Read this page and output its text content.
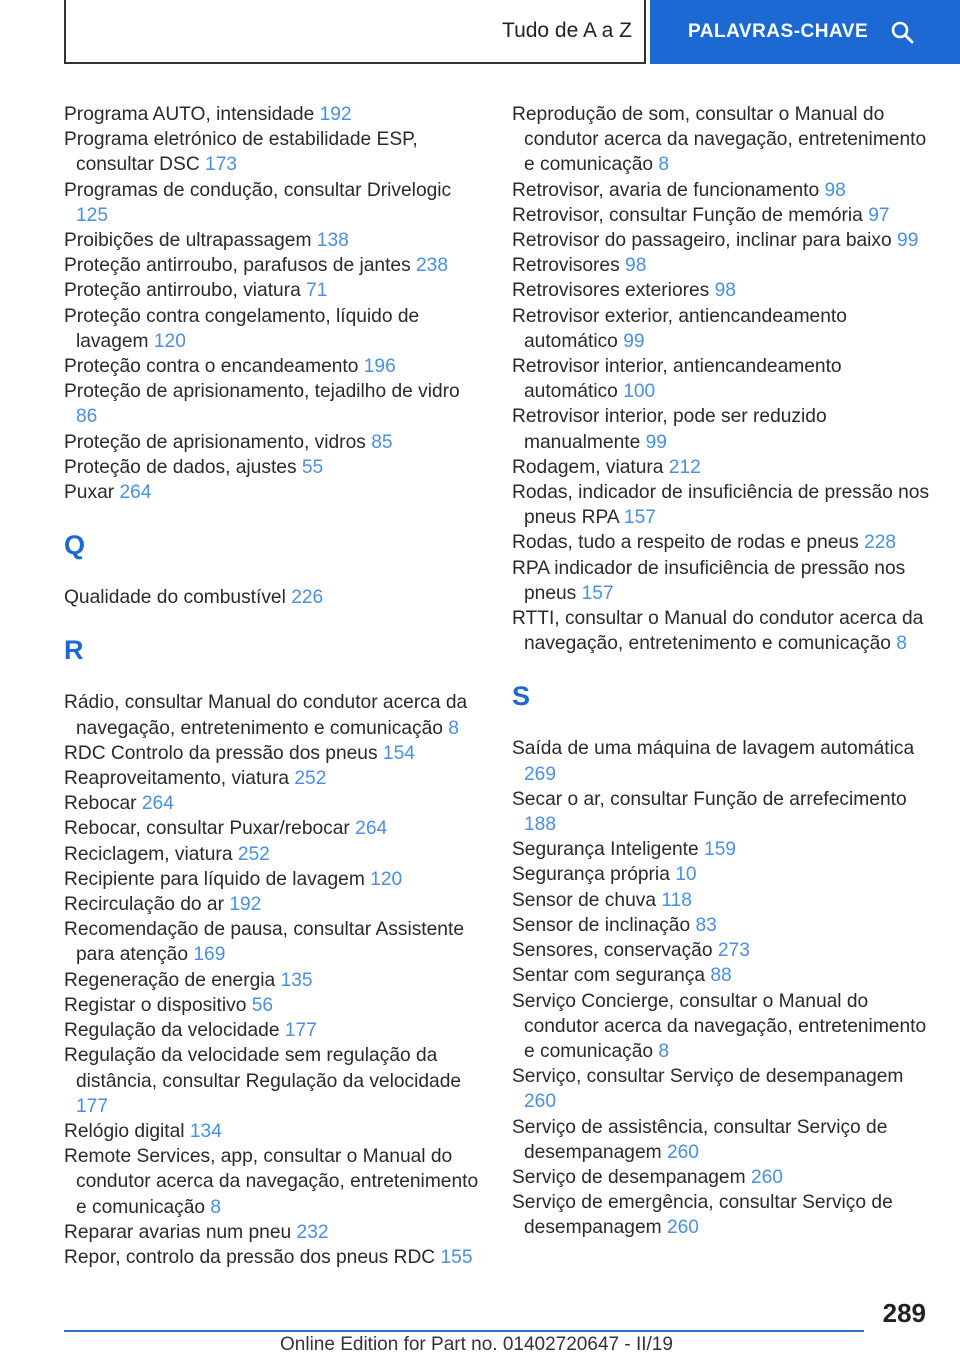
Tudo de A a Z	PALAVRAS-CHAVE
Programa AUTO, intensidade 192
Programa eletrónico de estabilidade ESP, consultar DSC 173
Programas de condução, consultar Drivelogic 125
Proibições de ultrapassagem 138
Proteção antirroubo, parafusos de jantes 238
Proteção antirroubo, viatura 71
Proteção contra congelamento, líquido de lavagem 120
Proteção contra o encandeamento 196
Proteção de aprisionamento, tejadilho de vidro 86
Proteção de aprisionamento, vidros 85
Proteção de dados, ajustes 55
Puxar 264
Q
Qualidade do combustível 226
R
Rádio, consultar Manual do condutor acerca da navegação, entretenimento e comunicação 8
RDC Controlo da pressão dos pneus 154
Reaproveitamento, viatura 252
Rebocar 264
Rebocar, consultar Puxar/rebocar 264
Reciclagem, viatura 252
Recipiente para líquido de lavagem 120
Recirculação do ar 192
Recomendação de pausa, consultar Assistente para atenção 169
Regeneração de energia 135
Registar o dispositivo 56
Regulação da velocidade 177
Regulação da velocidade sem regulação da distância, consultar Regulação da velocidade 177
Relógio digital 134
Remote Services, app, consultar o Manual do condutor acerca da navegação, entretenimento e comunicação 8
Reparar avarias num pneu 232
Repor, controlo da pressão dos pneus RDC 155
Reprodução de som, consultar o Manual do condutor acerca da navegação, entretenimento e comunicação 8
Retrovisor, avaria de funcionamento 98
Retrovisor, consultar Função de memória 97
Retrovisor do passageiro, inclinar para baixo 99
Retrovisores 98
Retrovisores exteriores 98
Retrovisor exterior, antiencandeamento automático 99
Retrovisor interior, antiencandeamento automático 100
Retrovisor interior, pode ser reduzido manualmente 99
Rodagem, viatura 212
Rodas, indicador de insuficiência de pressão nos pneus RPA 157
Rodas, tudo a respeito de rodas e pneus 228
RPA indicador de insuficiência de pressão nos pneus 157
RTTI, consultar o Manual do condutor acerca da navegação, entretenimento e comunicação 8
S
Saída de uma máquina de lavagem automática 269
Secar o ar, consultar Função de arrefecimento 188
Segurança Inteligente 159
Segurança própria 10
Sensor de chuva 118
Sensor de inclinação 83
Sensores, conservação 273
Sentar com segurança 88
Serviço Concierge, consultar o Manual do condutor acerca da navegação, entretenimento e comunicação 8
Serviço, consultar Serviço de desempanagem 260
Serviço de assistência, consultar Serviço de desempanagem 260
Serviço de desempanagem 260
Serviço de emergência, consultar Serviço de desempanagem 260
289
Online Edition for Part no. 01402720647 - II/19
